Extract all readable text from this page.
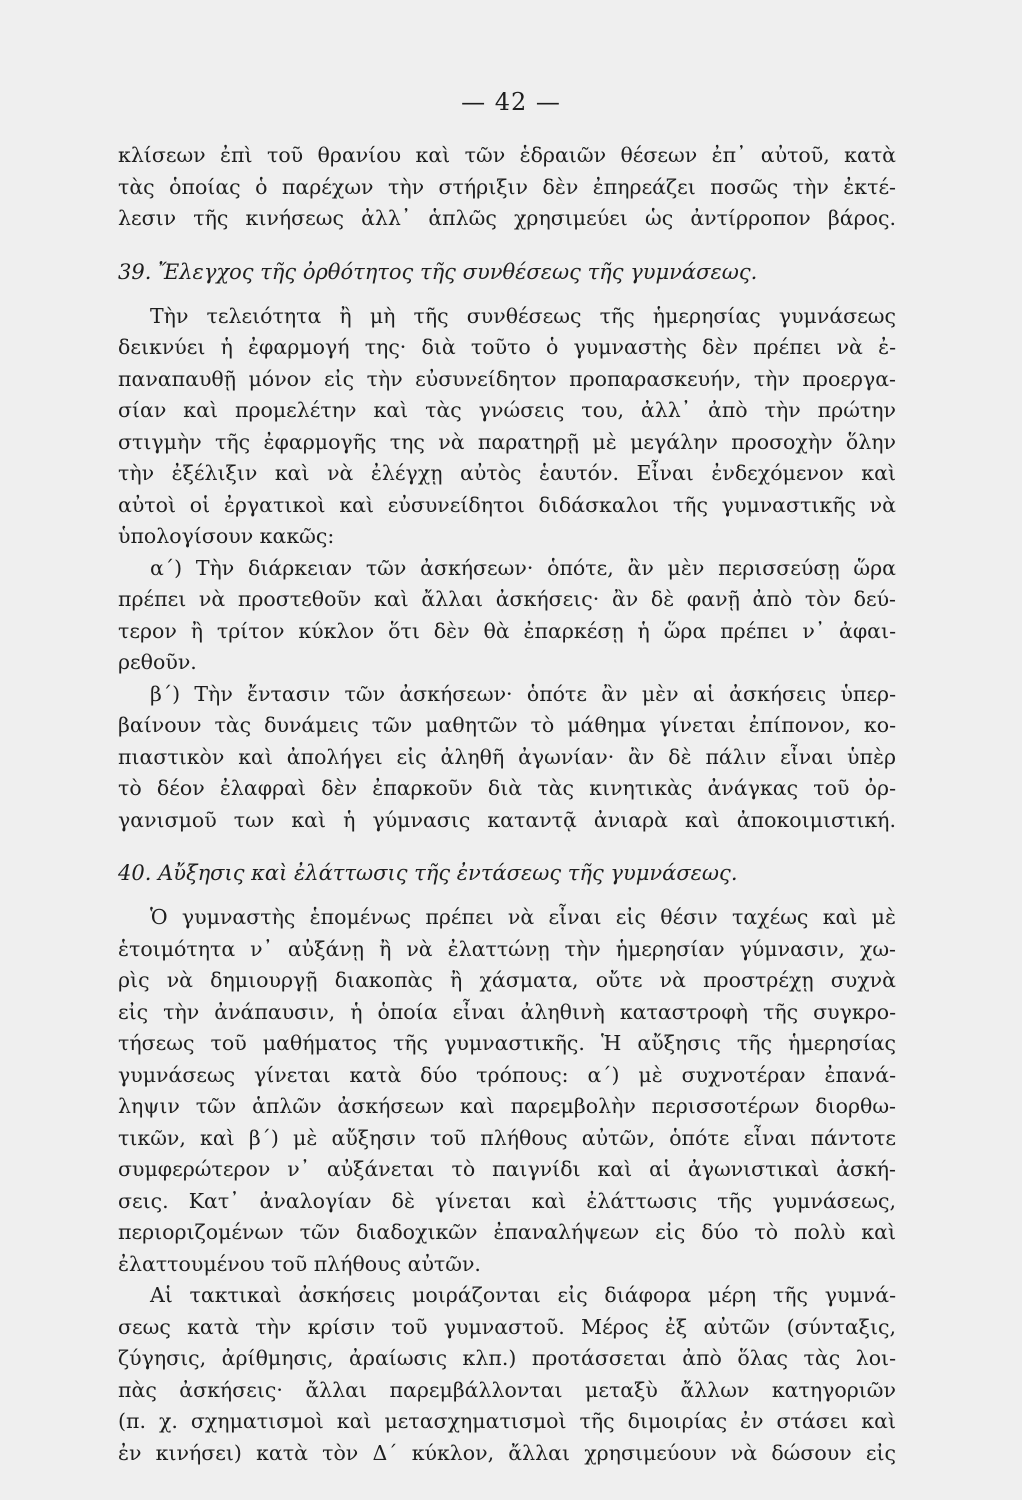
— 42 —
κλίσεων ἐπὶ τοῦ θρανίου καὶ τῶν ἑδραιῶν θέσεων ἐπ᾽ αὐτοῦ, κατὰ
τὰς ὁποίας ὁ παρέχων τὴν στήριξιν δὲν ἐπηρεάζει ποσῶς τὴν ἐκτέ-
λεσιν τῆς κινήσεως ἀλλ᾽ ἁπλῶς χρησιμεύει ὡς ἀντίρροπον βάρος.
39. Ἔλεγχος τῆς ὀρθότητος τῆς συνθέσεως τῆς γυμνάσεως.
Τὴν τελειότητα ἢ μὴ τῆς συνθέσεως τῆς ἡμερησίας γυμνάσεως
δεικνύει ἡ ἐφαρμογή της· διὰ τοῦτο ὁ γυμναστὴς δὲν πρέπει νὰ ἐ-
παναπαυθῇ μόνον εἰς τὴν εὐσυνείδητον προπαρασκευήν, τὴν προεργα-
σίαν καὶ προμελέτην καὶ τὰς γνώσεις του, ἀλλ᾽ ἀπὸ τὴν πρώτην
στιγμὴν τῆς ἐφαρμογῆς της νὰ παρατηρῇ μὲ μεγάλην προσοχὴν ὅλην
τὴν ἐξέλιξιν καὶ νὰ ἐλέγχῃ αὐτὸς ἑαυτόν. Εἶναι ἐνδεχόμενον καὶ
αὐτοὶ οἱ ἐργατικοὶ καὶ εὐσυνείδητοι διδάσκαλοι τῆς γυμναστικῆς νὰ
ὑπολογίσουν κακῶς:
α´) Τὴν διάρκειαν τῶν ἀσκήσεων· ὁπότε, ἂν μὲν περισσεύσῃ ὥρα
πρέπει νὰ προστεθοῦν καὶ ἄλλαι ἀσκήσεις· ἂν δὲ φανῇ ἀπὸ τὸν δεύ-
τερον ἢ τρίτον κύκλον ὅτι δὲν θὰ ἐπαρκέσῃ ἡ ὥρα πρέπει ν᾽ ἀφαι-
ρεθοῦν.
β´) Τὴν ἔντασιν τῶν ἀσκήσεων· ὁπότε ἂν μὲν αἱ ἀσκήσεις ὑπερ-
βαίνουν τὰς δυνάμεις τῶν μαθητῶν τὸ μάθημα γίνεται ἐπίπονον, κο-
πιαστικὸν καὶ ἀπολήγει εἰς ἀληθῆ ἀγωνίαν· ἂν δὲ πάλιν εἶναι ὑπὲρ
τὸ δέον ἐλαφραὶ δὲν ἐπαρκοῦν διὰ τὰς κινητικὰς ἀνάγκας τοῦ ὀρ-
γανισμοῦ των καὶ ἡ γύμνασις καταντᾷ ἀνιαρὰ καὶ ἀποκοιμιστική.
40. Αὔξησις καὶ ἐλάττωσις τῆς ἐντάσεως τῆς γυμνάσεως.
Ὁ γυμναστὴς ἑπομένως πρέπει νὰ εἶναι εἰς θέσιν ταχέως καὶ μὲ
ἑτοιμότητα ν᾽ αὐξάνῃ ἢ νὰ ἐλαττώνῃ τὴν ἡμερησίαν γύμνασιν, χω-
ρὶς νὰ δημιουργῇ διακοπὰς ἢ χάσματα, οὔτε νὰ προστρέχῃ συχνὰ
εἰς τὴν ἀνάπαυσιν, ἡ ὁποία εἶναι ἀληθινὴ καταστροφὴ τῆς συγκρο-
τήσεως τοῦ μαθήματος τῆς γυμναστικῆς. Ἡ αὔξησις τῆς ἡμερησίας
γυμνάσεως γίνεται κατὰ δύο τρόπους: α´) μὲ συχνοτέραν ἐπανά-
ληψιν τῶν ἁπλῶν ἀσκήσεων καὶ παρεμβολὴν περισσοτέρων διορθω-
τικῶν, καὶ β´) μὲ αὔξησιν τοῦ πλήθους αὐτῶν, ὁπότε εἶναι πάντοτε
συμφερώτερον ν᾽ αὐξάνεται τὸ παιγνίδι καὶ αἱ ἀγωνιστικαὶ ἀσκή-
σεις. Κατ᾽ ἀναλογίαν δὲ γίνεται καὶ ἐλάττωσις τῆς γυμνάσεως,
περιοριζομένων τῶν διαδοχικῶν ἐπαναλήψεων εἰς δύο τὸ πολὺ καὶ
ἐλαττουμένου τοῦ πλήθους αὐτῶν.
Αἱ τακτικαὶ ἀσκήσεις μοιράζονται εἰς διάφορα μέρη τῆς γυμνά-
σεως κατὰ τὴν κρίσιν τοῦ γυμναστοῦ. Μέρος ἐξ αὐτῶν (σύνταξις,
ζύγησις, ἀρίθμησις, ἀραίωσις κλπ.) προτάσσεται ἀπὸ ὅλας τὰς λοι-
πὰς ἀσκήσεις· ἄλλαι παρεμβάλλονται μεταξὺ ἄλλων κατηγοριῶν
(π. χ. σχηματισμοὶ καὶ μετασχηματισμοὶ τῆς διμοιρίας ἐν στάσει καὶ
ἐν κινήσει) κατὰ τὸν Δ´ κύκλον, ἄλλαι χρησιμεύουν νὰ δώσουν εἰς
